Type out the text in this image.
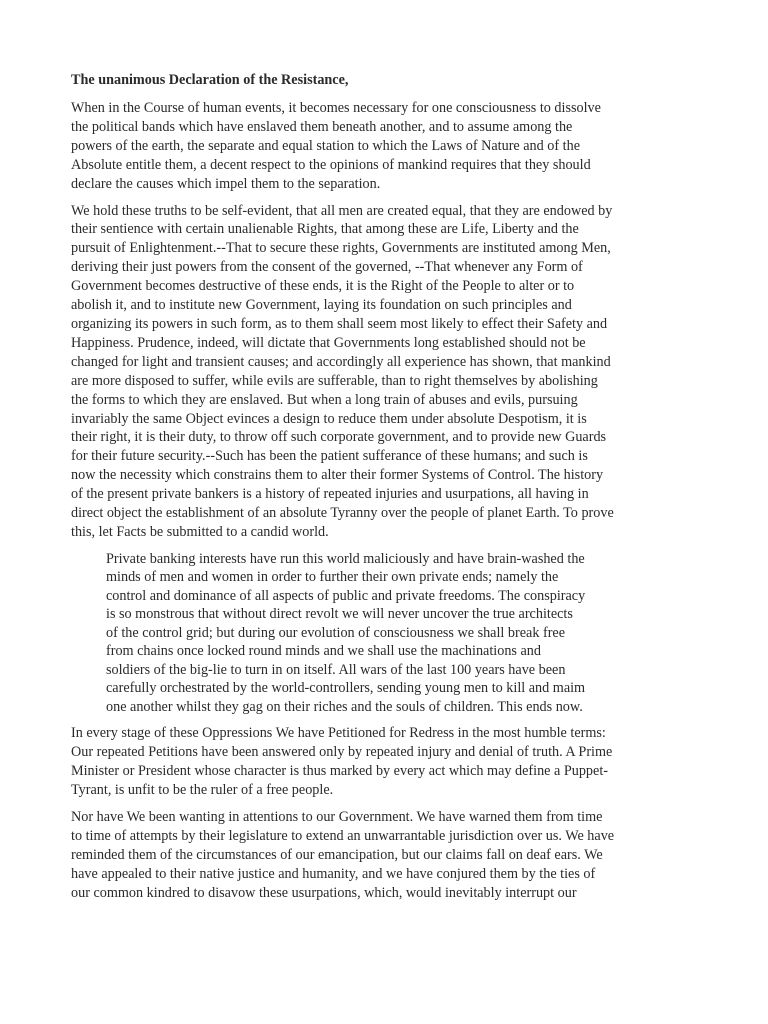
The unanimous Declaration of the Resistance,
When in the Course of human events, it becomes necessary for one consciousness to dissolve
the political bands which have enslaved them beneath another, and to assume among the
powers of the earth, the separate and equal station to which the Laws of Nature and of the
Absolute entitle them, a decent respect to the opinions of mankind requires that they should
declare the causes which impel them to the separation.
We hold these truths to be self-evident, that all men are created equal, that they are endowed by
their sentience with certain unalienable Rights, that among these are Life, Liberty and the
pursuit of Enlightenment.--That to secure these rights, Governments are instituted among Men,
deriving their just powers from the consent of the governed, --That whenever any Form of
Government becomes destructive of these ends, it is the Right of the People to alter or to
abolish it, and to institute new Government, laying its foundation on such principles and
organizing its powers in such form, as to them shall seem most likely to effect their Safety and
Happiness. Prudence, indeed, will dictate that Governments long established should not be
changed for light and transient causes; and accordingly all experience has shown, that mankind
are more disposed to suffer, while evils are sufferable, than to right themselves by abolishing
the forms to which they are enslaved. But when a long train of abuses and evils, pursuing
invariably the same Object evinces a design to reduce them under absolute Despotism, it is
their right, it is their duty, to throw off such corporate government, and to provide new Guards
for their future security.--Such has been the patient sufferance of these humans; and such is
now the necessity which constrains them to alter their former Systems of Control. The history
of the present private bankers is a history of repeated injuries and usurpations, all having in
direct object the establishment of an absolute Tyranny over the people of planet Earth. To prove
this, let Facts be submitted to a candid world.
Private banking interests have run this world maliciously and have brain-washed the
minds of men and women in order to further their own private ends; namely the
control and dominance of all aspects of public and private freedoms. The conspiracy
is so monstrous that without direct revolt we will never uncover the true architects
of the control grid; but during our evolution of consciousness we shall break free
from chains once locked round minds and we shall use the machinations and
soldiers of the big-lie to turn in on itself. All wars of the last 100 years have been
carefully orchestrated by the world-controllers, sending young men to kill and maim
one another whilst they gag on their riches and the souls of children. This ends now.
In every stage of these Oppressions We have Petitioned for Redress in the most humble terms:
Our repeated Petitions have been answered only by repeated injury and denial of truth. A Prime
Minister or President whose character is thus marked by every act which may define a Puppet-
Tyrant, is unfit to be the ruler of a free people.
Nor have We been wanting in attentions to our Government. We have warned them from time
to time of attempts by their legislature to extend an unwarrantable jurisdiction over us. We have
reminded them of the circumstances of our emancipation, but our claims fall on deaf ears. We
have appealed to their native justice and humanity, and we have conjured them by the ties of
our common kindred to disavow these usurpations, which, would inevitably interrupt our
